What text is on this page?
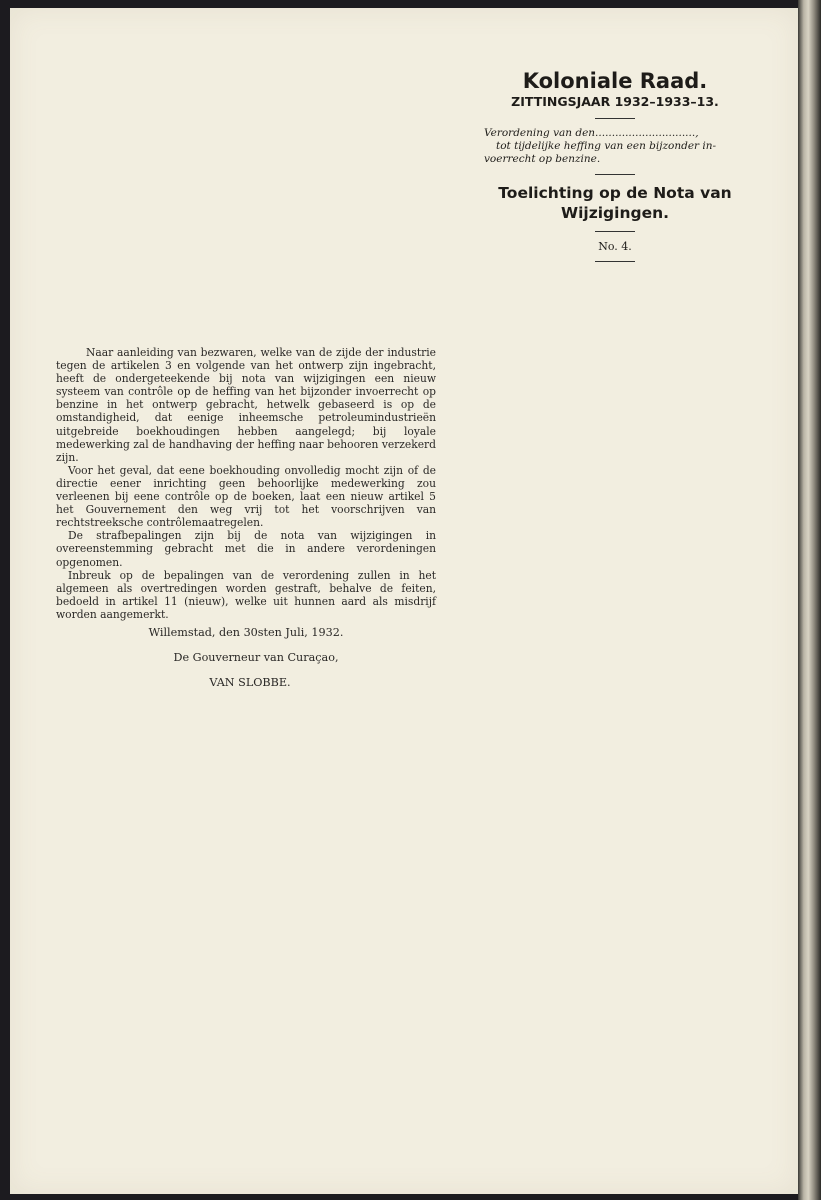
Koloniale Raad.

ZITTINGSJAAR 1932–1933–13.

Verordening van den..............................,

tot tijdelijke heffing van een bijzonder in-

voerrecht op benzine.

Toelichting op de Nota van

Wijzigingen.

No. 4.

Naar aanleiding van bezwaren, welke van de zijde der industrie tegen de artikelen 3 en volgende van het ontwerp zijn ingebracht, heeft de ondergeteekende bij nota van wijzigingen een nieuw systeem van contrôle op de heffing van het bijzonder invoerrecht op benzine in het ontwerp gebracht, hetwelk gebaseerd is op de omstandigheid, dat eenige inheemsche petroleumindustrieën uitgebreide boekhoudingen hebben aangelegd; bij loyale medewerking zal de handhaving der heffing naar behooren verzekerd zijn.

Voor het geval, dat eene boekhouding onvolledig mocht zijn of de directie eener inrichting geen behoorlijke medewerking zou verleenen bij eene contrôle op de boeken, laat een nieuw artikel 5 het Gouvernement den weg vrij tot het voorschrijven van rechtstreeksche contrôlemaatregelen.

De strafbepalingen zijn bij de nota van wijzigingen in overeenstemming gebracht met die in andere verordeningen opgenomen.

Inbreuk op de bepalingen van de verordening zullen in het algemeen als overtredingen worden gestraft, behalve de feiten, bedoeld in artikel 11 (nieuw), welke uit hunnen aard als misdrijf worden aangemerkt.

Willemstad, den 30sten Juli, 1932.
De Gouverneur van Curaçao,
VAN SLOBBE.
